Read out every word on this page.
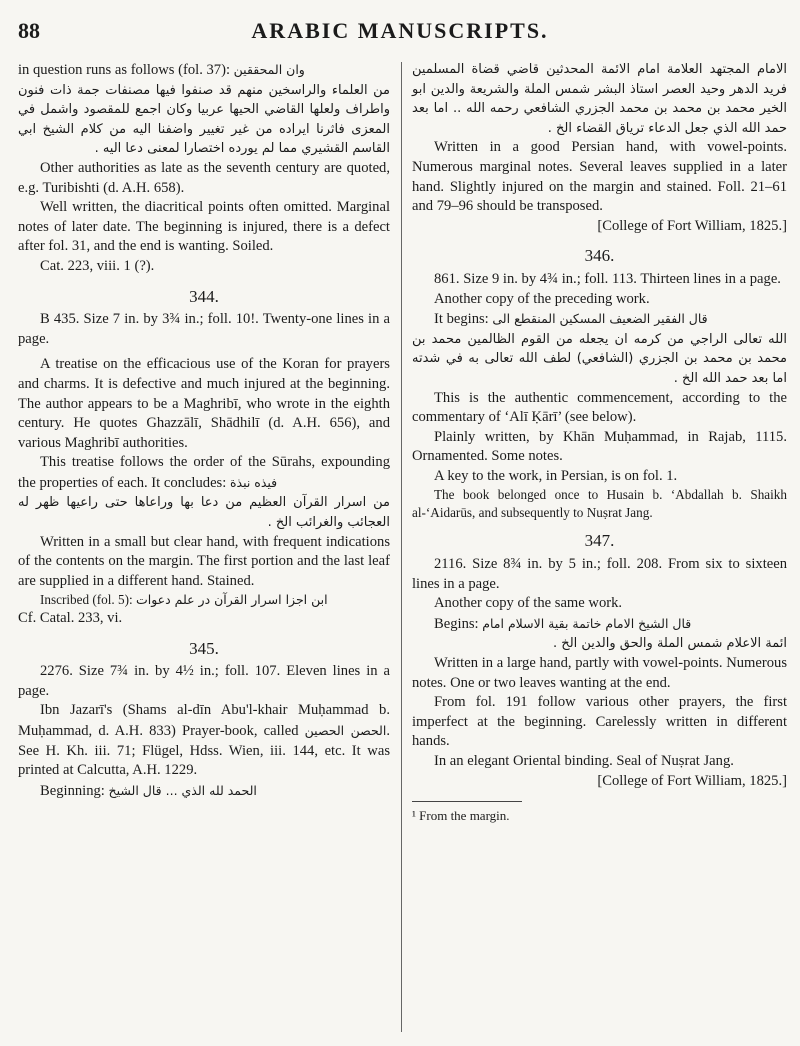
88	ARABIC MANUSCRIPTS.

in question runs as follows (fol. 37): وان المحققين

من العلماء والراسخين منهم قد صنفوا فيها مصنفات جمة ذات فنون واطراف ولعلها القاضي الحيها عربيا وكان اجمع للمقصود واشمل في المعزى فاثرنا ايراده من غير تغيير واضفنا اليه من كلام الشيخ ابي القاسم القشيري مما لم يورده اختصارا لمعنى دعا اليه .

Other authorities as late as the seventh century are quoted, e.g. Turibishti (d. A.H. 658).

Well written, the diacritical points often omitted. Marginal notes of later date. The beginning is injured, there is a defect after fol. 31, and the end is wanting. Soiled.

Cat. 223, viii. 1 (?).

344.

B 435. Size 7 in. by 3¾ in.; foll. 10!. Twenty-one lines in a page.

A treatise on the efficacious use of the Koran for prayers and charms. It is defective and much injured at the beginning. The author appears to be a Maghribī, who wrote in the eighth century. He quotes Ghazzālī, Shādhilī (d. A.H. 656), and various Maghribī authorities.

This treatise follows the order of the Sūrahs, expounding the properties of each. It concludes: فيذه نبذة

من اسرار القرآن العظيم من دعا بها وراعاها حتى راعيها ظهر له العجائب والغرائب الخ .

Written in a small but clear hand, with frequent indications of the contents on the margin. The first portion and the last leaf are supplied in a different hand. Stained.

Inscribed (fol. 5): ابن اجزا اسرار القرآن در علم دعوات

Cf. Catal. 233, vi.

345.

2276. Size 7¾ in. by 4½ in.; foll. 107. Eleven lines in a page.

Ibn Jazarī's (Shams al-dīn Abu'l-khair Muḥammad b. Muḥammad, d. A.H. 833) Prayer-book, called الحصن الحصين. See H. Kh. iii. 71; Flügel, Hdss. Wien, iii. 144, etc. It was printed at Calcutta, A.H. 1229.

Beginning: الحمد لله الذي ... قال الشيخ

الامام المجتهد العلامة امام الائمة المحدثين قاضي قضاة المسلمين فريد الدهر وحيد العصر استاذ البشر شمس الملة والشريعة والدين ابو الخير محمد بن محمد بن محمد الجزري الشافعي رحمه الله .. اما بعد حمد الله الذي جعل الدعاء ترياق القضاء الخ .

Written in a good Persian hand, with vowel-points. Numerous marginal notes. Several leaves supplied in a later hand. Slightly injured on the margin and stained. Foll. 21–61 and 79–96 should be transposed.

[College of Fort William, 1825.]

346.

861. Size 9 in. by 4¾ in.; foll. 113. Thirteen lines in a page.

Another copy of the preceding work.

It begins: قال الفقير الضعيف المسكين المنقطع الى

الله تعالى الراجي من كرمه ان يجعله من القوم الظالمين محمد بن محمد بن محمد بن الجزري (الشافعي) لطف الله تعالى به في شدته اما بعد حمد الله الخ .

This is the authentic commencement, according to the commentary of ‘Alī Ḳārī’ (see below).

Plainly written, by Khān Muḥammad, in Rajab, 1115. Ornamented. Some notes.

A key to the work, in Persian, is on fol. 1.

The book belonged once to Husain b. ‘Abdallah b. Shaikh al-‘Aidarūs, and subsequently to Nuṣrat Jang.

347.

2116. Size 8¾ in. by 5 in.; foll. 208. From six to sixteen lines in a page.

Another copy of the same work.

Begins: قال الشيخ الامام خاتمة بقية الاسلام امام

ائمة الاعلام شمس الملة والحق والدين الخ .

Written in a large hand, partly with vowel-points. Numerous notes. One or two leaves wanting at the end.

From fol. 191 follow various other prayers, the first imperfect at the beginning. Carelessly written in different hands.

In an elegant Oriental binding. Seal of Nuṣrat Jang.

[College of Fort William, 1825.]

¹ From the margin.
